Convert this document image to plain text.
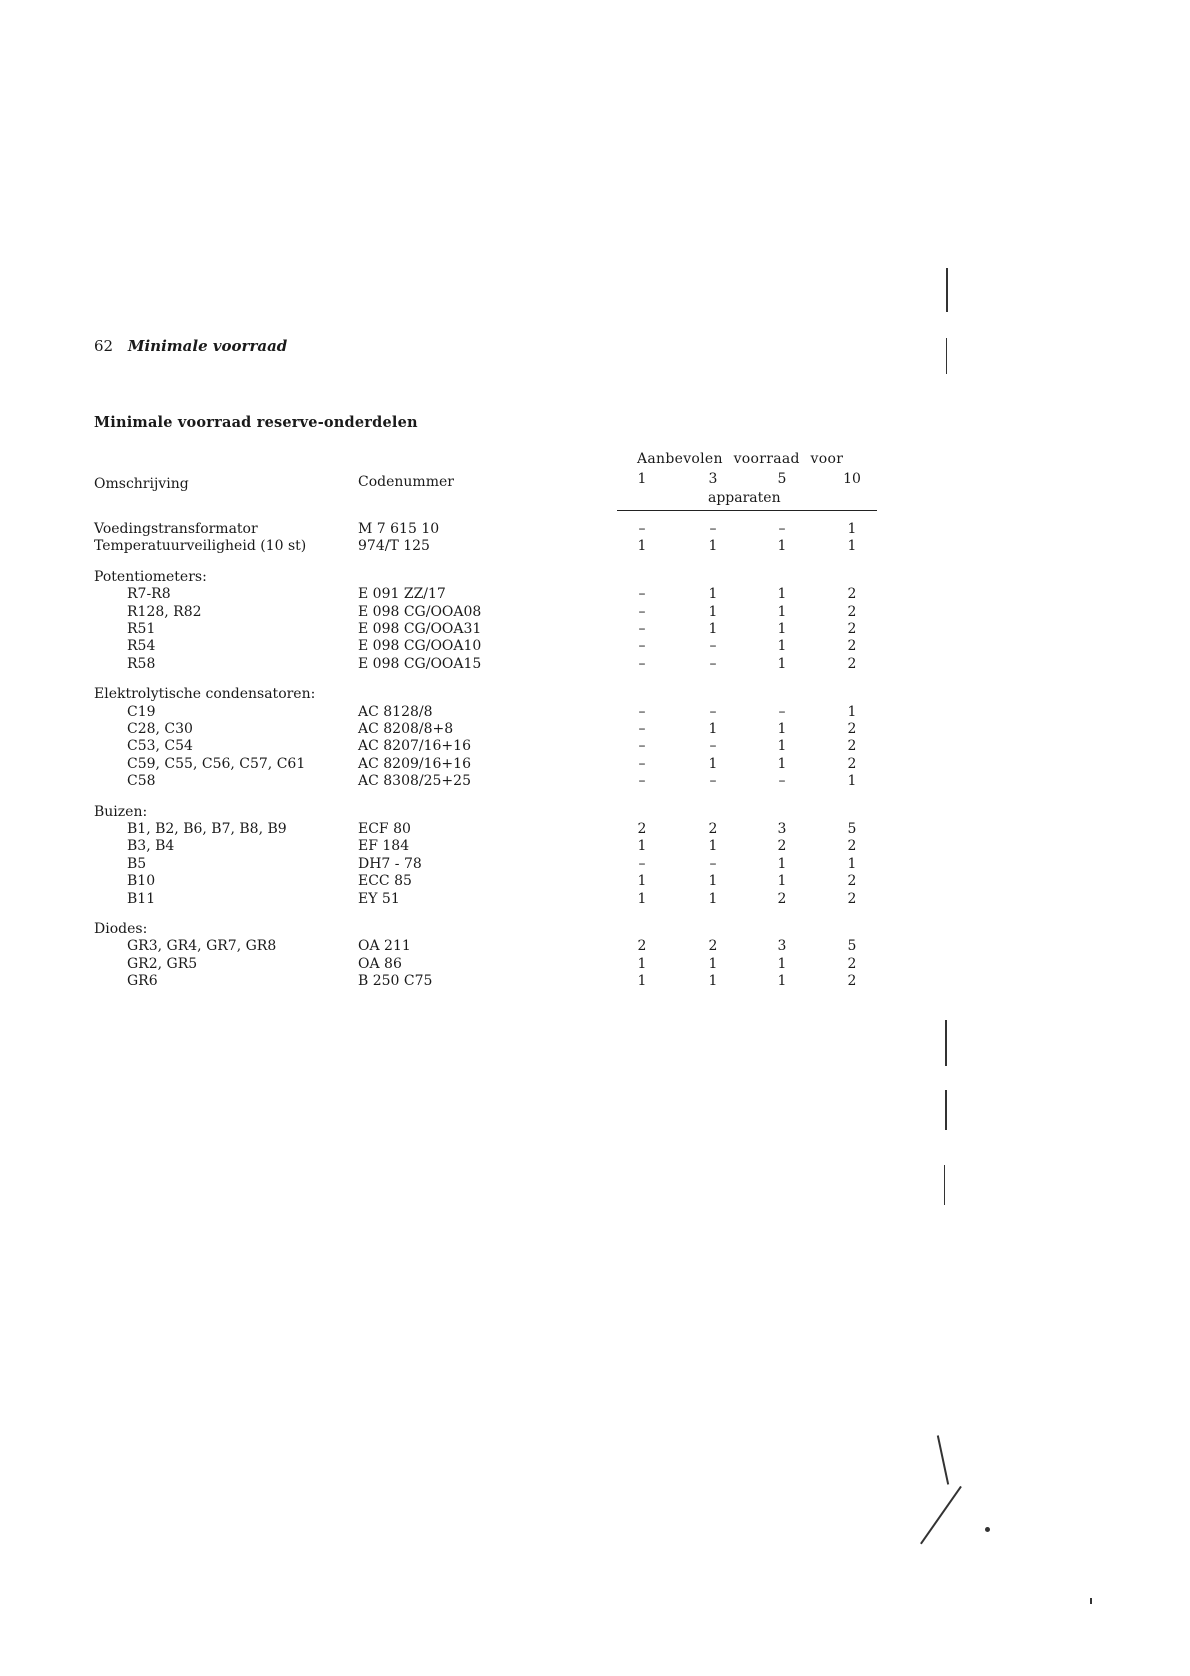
62 Minimale voorraad
Minimale voorraad reserve-onderdelen
Omschrijving	Codenummer
Aanbevolen voorraad voor
1	3	5	10
apparaten
Voedingstransformator	M 7 615 10	–	–	–	1
Temperatuurveiligheid (10 st)	974/T 125	1	1	1	1
Potentiometers:
R7-R8	E 091 ZZ/17	–	1	1	2
R128, R82	E 098 CG/OOA08	–	1	1	2
R51	E 098 CG/OOA31	–	1	1	2
R54	E 098 CG/OOA10	–	–	1	2
R58	E 098 CG/OOA15	–	–	1	2
Elektrolytische condensatoren:
C19	AC 8128/8	–	–	–	1
C28, C30	AC 8208/8+8	–	1	1	2
C53, C54	AC 8207/16+16	–	–	1	2
C59, C55, C56, C57, C61	AC 8209/16+16	–	1	1	2
C58	AC 8308/25+25	–	–	–	1
Buizen:
B1, B2, B6, B7, B8, B9	ECF 80	2	2	3	5
B3, B4	EF 184	1	1	2	2
B5	DH7 - 78	–	–	1	1
B10	ECC 85	1	1	1	2
B11	EY 51	1	1	2	2
Diodes:
GR3, GR4, GR7, GR8	OA 211	2	2	3	5
GR2, GR5	OA 86	1	1	1	2
GR6	B 250 C75	1	1	1	2
